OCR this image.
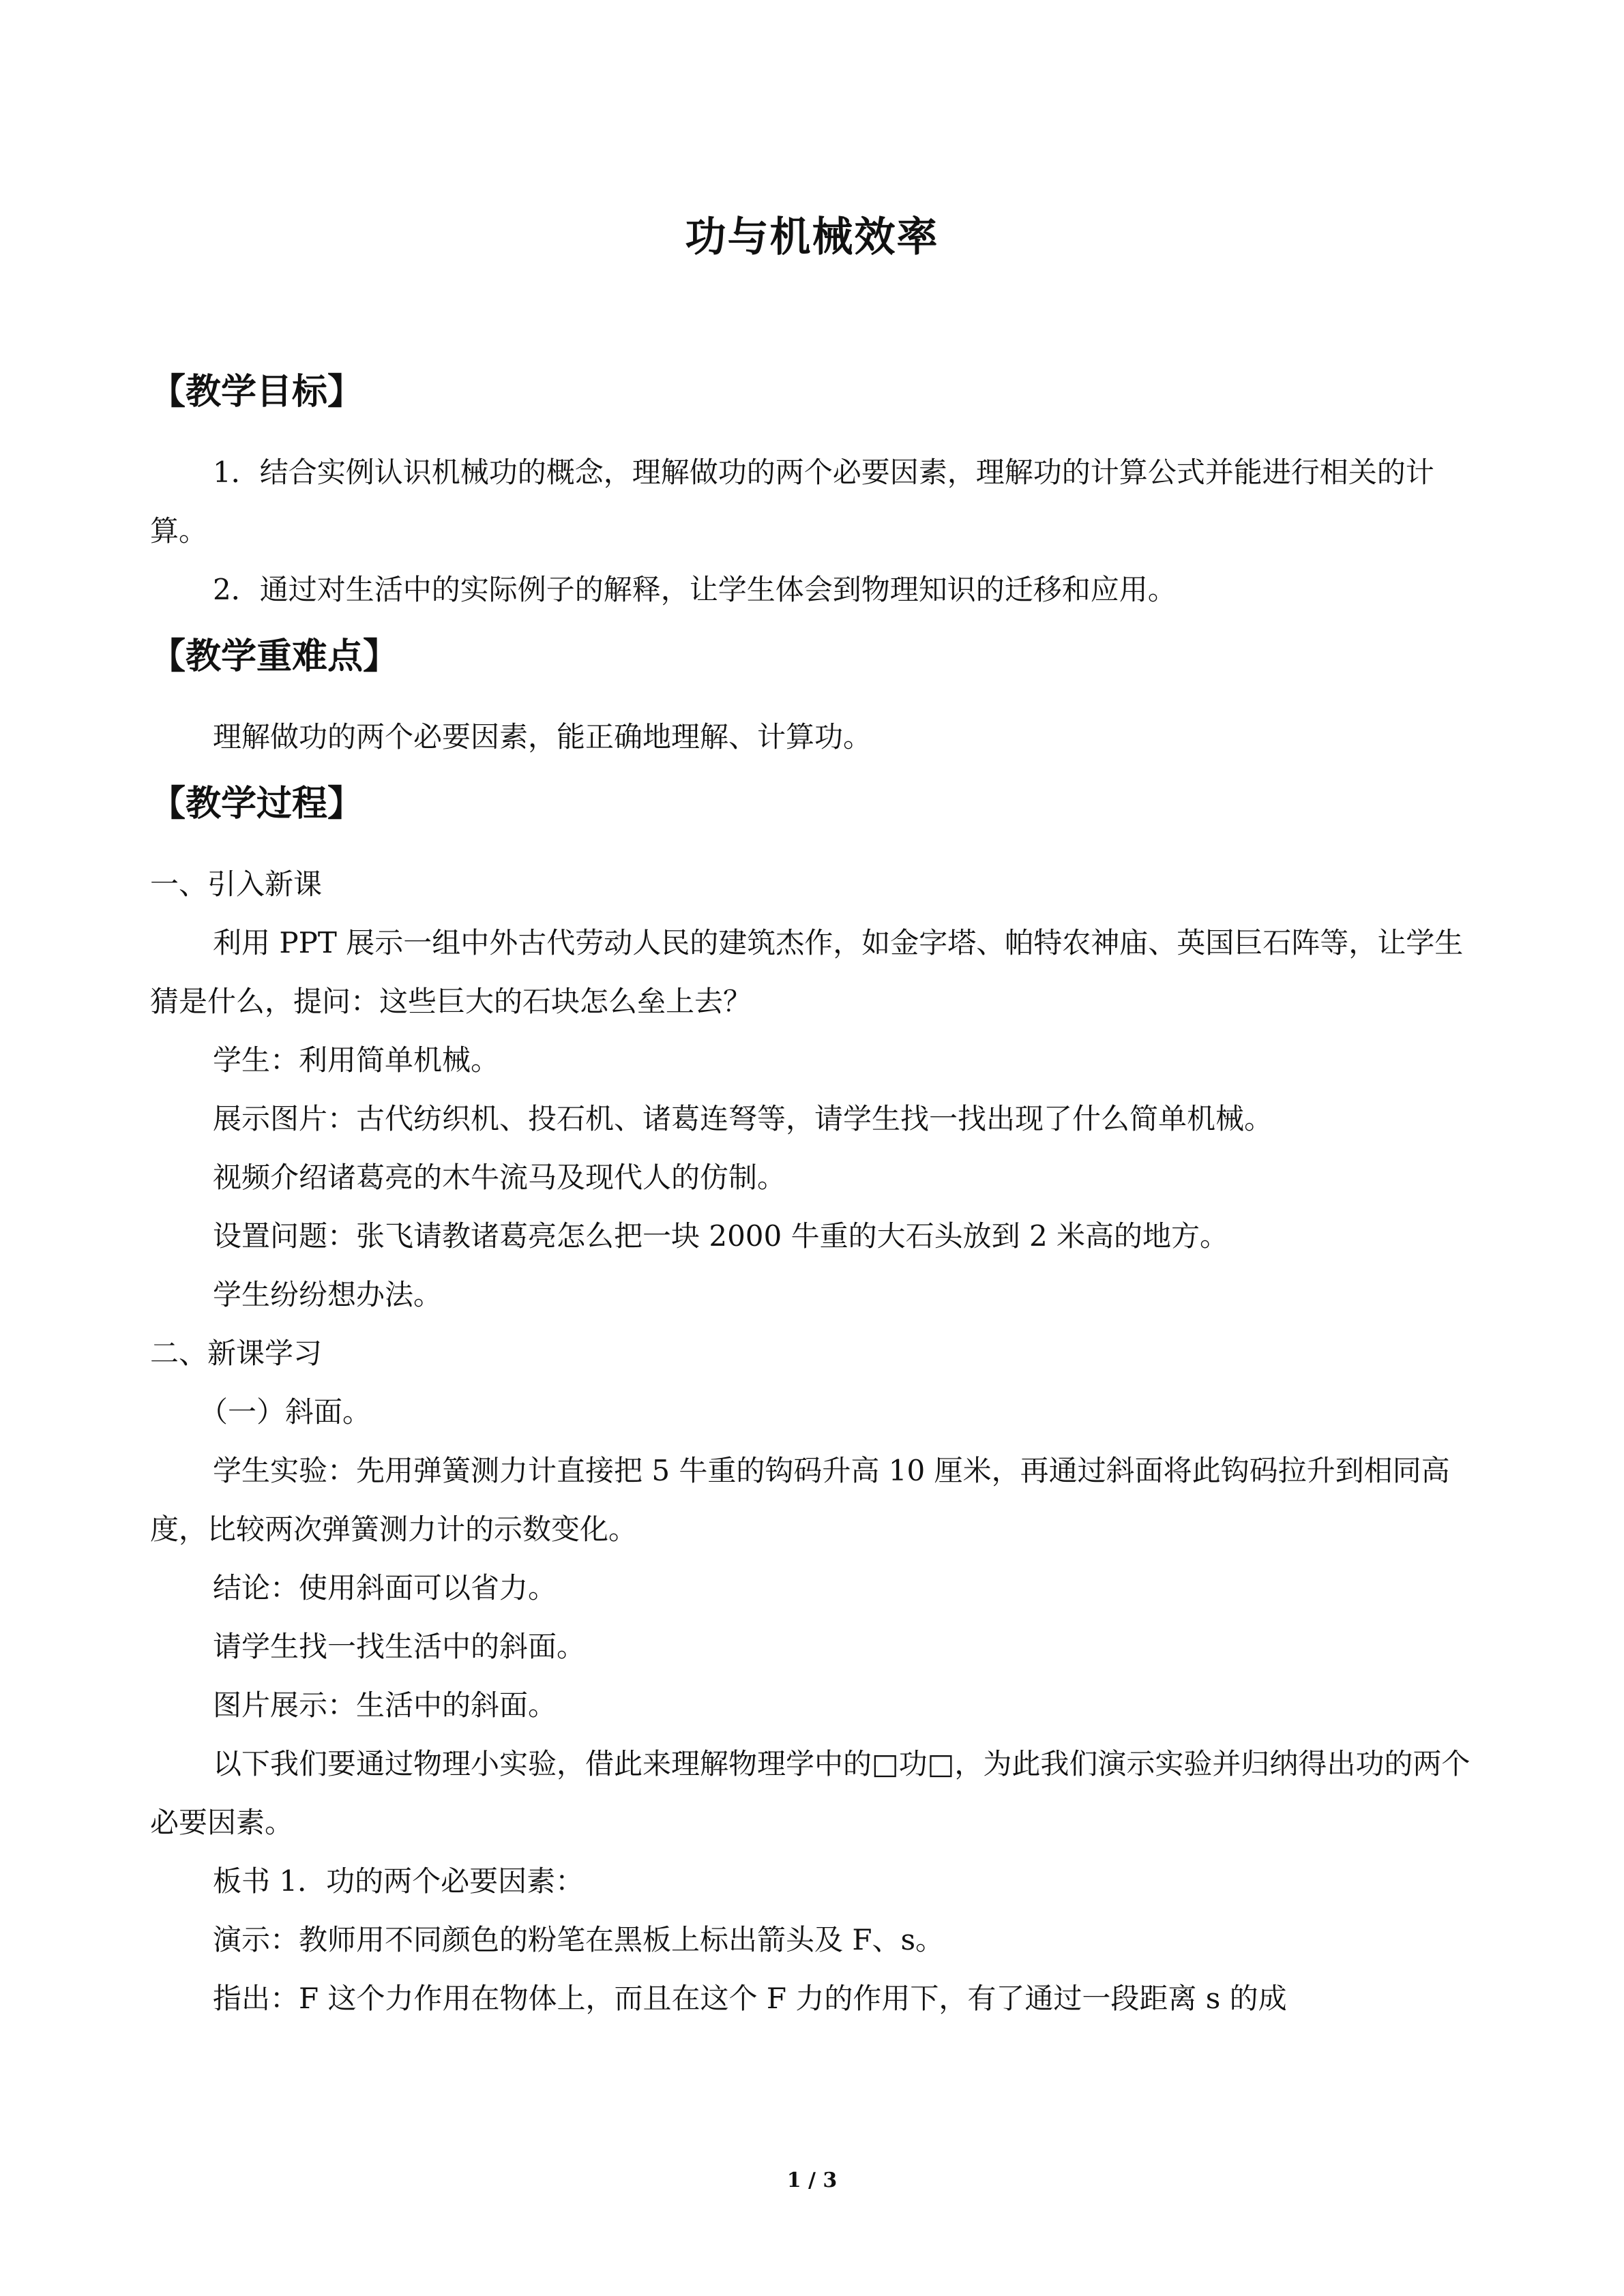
功与机械效率
【教学目标】

1．结合实例认识机械功的概念，理解做功的两个必要因素，理解功的计算公式并能进行相关的计算。

2．通过对生活中的实际例子的解释，让学生体会到物理知识的迁移和应用。

【教学重难点】

理解做功的两个必要因素，能正确地理解、计算功。

【教学过程】

一、引入新课

利用 PPT 展示一组中外古代劳动人民的建筑杰作，如金字塔、帕特农神庙、英国巨石阵等，让学生猜是什么，提问：这些巨大的石块怎么垒上去？

学生：利用简单机械。

展示图片：古代纺织机、投石机、诸葛连弩等，请学生找一找出现了什么简单机械。

视频介绍诸葛亮的木牛流马及现代人的仿制。

设置问题：张飞请教诸葛亮怎么把一块 2000 牛重的大石头放到 2 米高的地方。

学生纷纷想办法。

二、新课学习

（一）斜面。

学生实验：先用弹簧测力计直接把 5 牛重的钩码升高 10 厘米，再通过斜面将此钩码拉升到相同高度，比较两次弹簧测力计的示数变化。

结论：使用斜面可以省力。

请学生找一找生活中的斜面。

图片展示：生活中的斜面。

以下我们要通过物理小实验，借此来理解物理学中的□功□，为此我们演示实验并归纳得出功的两个必要因素。

板书 1．功的两个必要因素：

演示：教师用不同颜色的粉笔在黑板上标出箭头及 F、s。

指出：F 这个力作用在物体上，而且在这个 F 力的作用下，有了通过一段距离 s 的成

1 / 3
